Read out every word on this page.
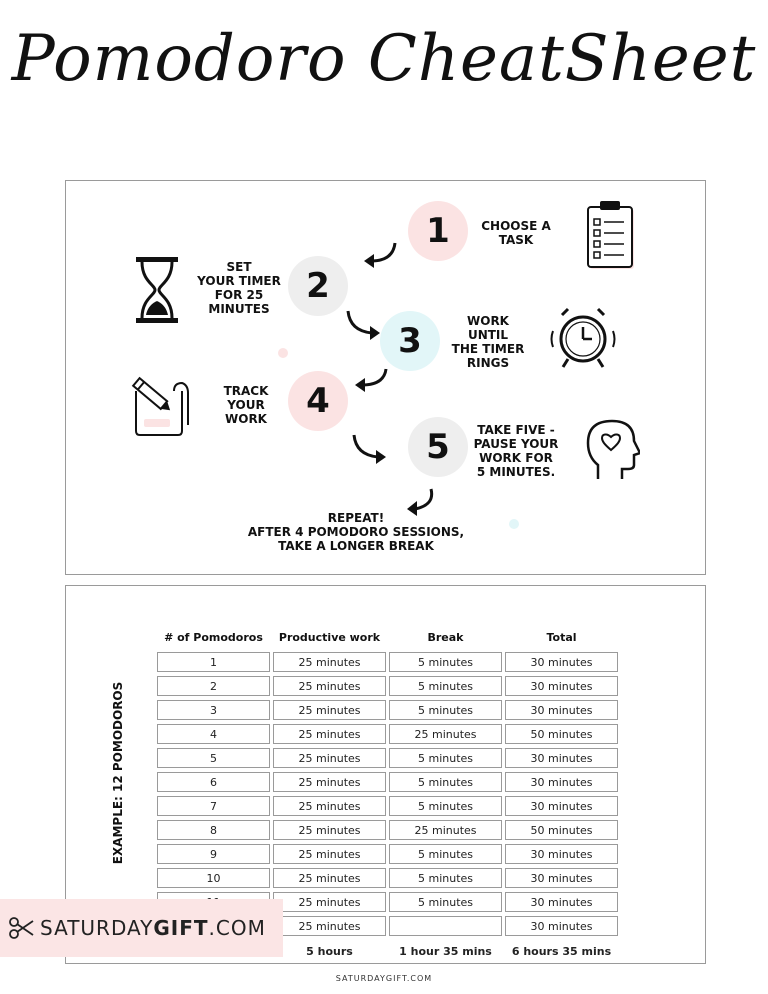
Pomodoro CheatSheet
1	CHOOSE A
TASK
2
SET
YOUR TIMER
FOR 25
MINUTES
3	WORK
UNTIL
THE TIMER
RINGS
4
TRACK
YOUR
WORK
5	TAKE FIVE -
PAUSE YOUR
WORK FOR
5 MINUTES.
REPEAT!
AFTER 4 POMODORO SESSIONS,
TAKE A LONGER BREAK
EXAMPLE: 12 POMODOROS
# of Pomodoros	Productive work	Break	Total
1	25 minutes	5 minutes	30 minutes
2	25 minutes	5 minutes	30 minutes
3	25 minutes	5 minutes	30 minutes
4	25 minutes	25 minutes	50 minutes
5	25 minutes	5 minutes	30 minutes
6	25 minutes	5 minutes	30 minutes
7	25 minutes	5 minutes	30 minutes
8	25 minutes	25 minutes	50 minutes
9	25 minutes	5 minutes	30 minutes
10	25 minutes	5 minutes	30 minutes
	25 minutes	5 minutes	30 minutes
	25 minutes		30 minutes
	5 hours	1 hour 35 mins	6 hours 35 mins
SATURDAY GIFT .COM
SATURDAYGIFT.COM
